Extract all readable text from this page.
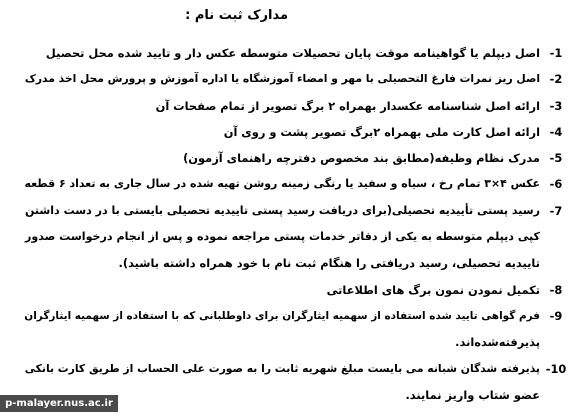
مدارک ثبت نام :
1-
اصل دیپلم یا گواهینامه موقت پایان تحصیلات متوسطه عکس دار و تایید شده محل تحصیل
2-
اصل ریز نمرات فارغ التحصیلی با مهر و امضاء آموزشگاه یا اداره آموزش و پرورش محل اخذ مدرک
3-
ارائه اصل شناسنامه عکسدار بهمراه ۲ برگ تصویر از تمام صفحات آن
4-
ارائه اصل کارت ملی بهمراه ۲برگ تصویر پشت و روی آن
5-
مدرک نظام وظیفه(مطابق بند مخصوص دفترچه راهنمای آزمون)
6-
عکس ۴×۳ تمام رخ ، سیاه و سفید یا رنگی زمینه روشن تهیه شده در سال جاری به تعداد ۶ قطعه
7-
رسید پستی تأییدیه تحصیلی(برای دریافت رسید پستی تاییدیه تحصیلی بایستی با در دست داشتن
کپی دیپلم متوسطه به یکی از دفاتر خدمات پستی مراجعه نموده و پس از انجام درخواست صدور
تاییدیه تحصیلی، رسید دریافتی را هنگام ثبت نام با خود همراه داشته باشید).
8-
تکمیل نمودن نمون برگ های اطلاعاتی
9-
فرم گواهی تایید شده استفاده از سهمیه ایثارگران برای داوطلبانی که با استفاده از سهمیه ایثارگران
پذیرفته‌شده‌اند.
10-
پذیرفته شدگان شبانه می بایست مبلغ شهریه ثابت را به صورت علی الحساب از طریق کارت بانکی
عضو شتاب واریز نمایند.
p-malayer.nus.ac.ir
